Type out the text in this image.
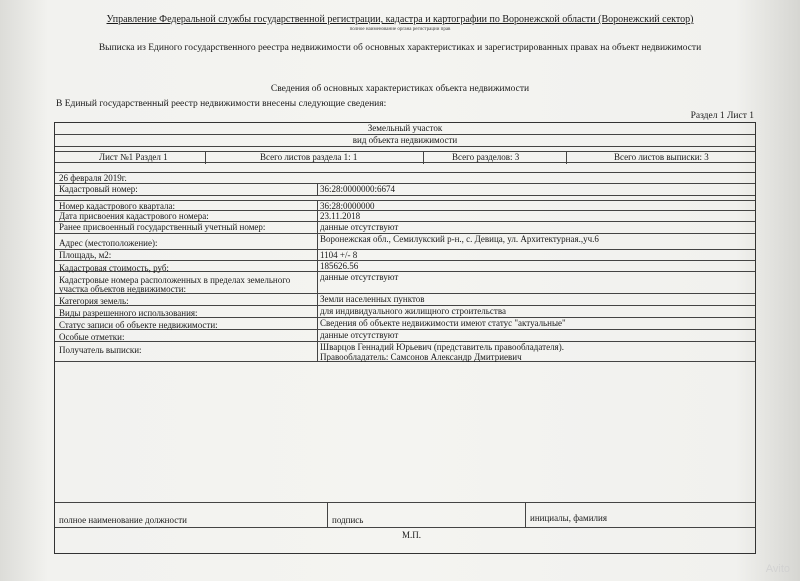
Управление Федеральной службы государственной регистрации, кадастра и картографии по Воронежской области (Воронежский сектор)
полное наименование органа регистрации прав
Выписка из Единого государственного реестра недвижимости об основных характеристиках и зарегистрированных правах на объект недвижимости
Сведения об основных характеристиках объекта недвижимости
В Единый государственный реестр недвижимости внесены следующие сведения:
Раздел 1 Лист 1
Земельный участок
вид объекта недвижимости
Лист №1 Раздел 1	Всего листов раздела 1: 1	Всего разделов: 3	Всего листов выписки: 3
26 февраля 2019г.
Кадастровый номер:	36:28:0000000:6674
Номер кадастрового квартала:	36:28:0000000
Дата присвоения кадастрового номера:	23.11.2018
Ранее присвоенный государственный учетный номер:	данные отсутствуют
Адрес (местоположение):	Воронежская обл., Семилукский р-н., с. Девица, ул. Архитектурная.,уч.6
Площадь, м2:	1104 +/- 8
Кадастровая стоимость, руб:	185626.56
Кадастровые номера расположенных в пределах земельного
участка объектов недвижимости:
данные отсутствуют
Категория земель:	Земли населенных пунктов
Виды разрешенного использования:	для индивидуального жилищного строительства
Статус записи об объекте недвижимости:	Сведения об объекте недвижимости имеют статус "актуальные"
Особые отметки:	данные отсутствуют
Получатель выписки:	Шварцов Геннадий Юрьевич (представитель правообладателя).
Правообладатель: Самсонов Александр Дмитриевич
полное наименование должности	подпись	инициалы, фамилия
М.П.
Avito
